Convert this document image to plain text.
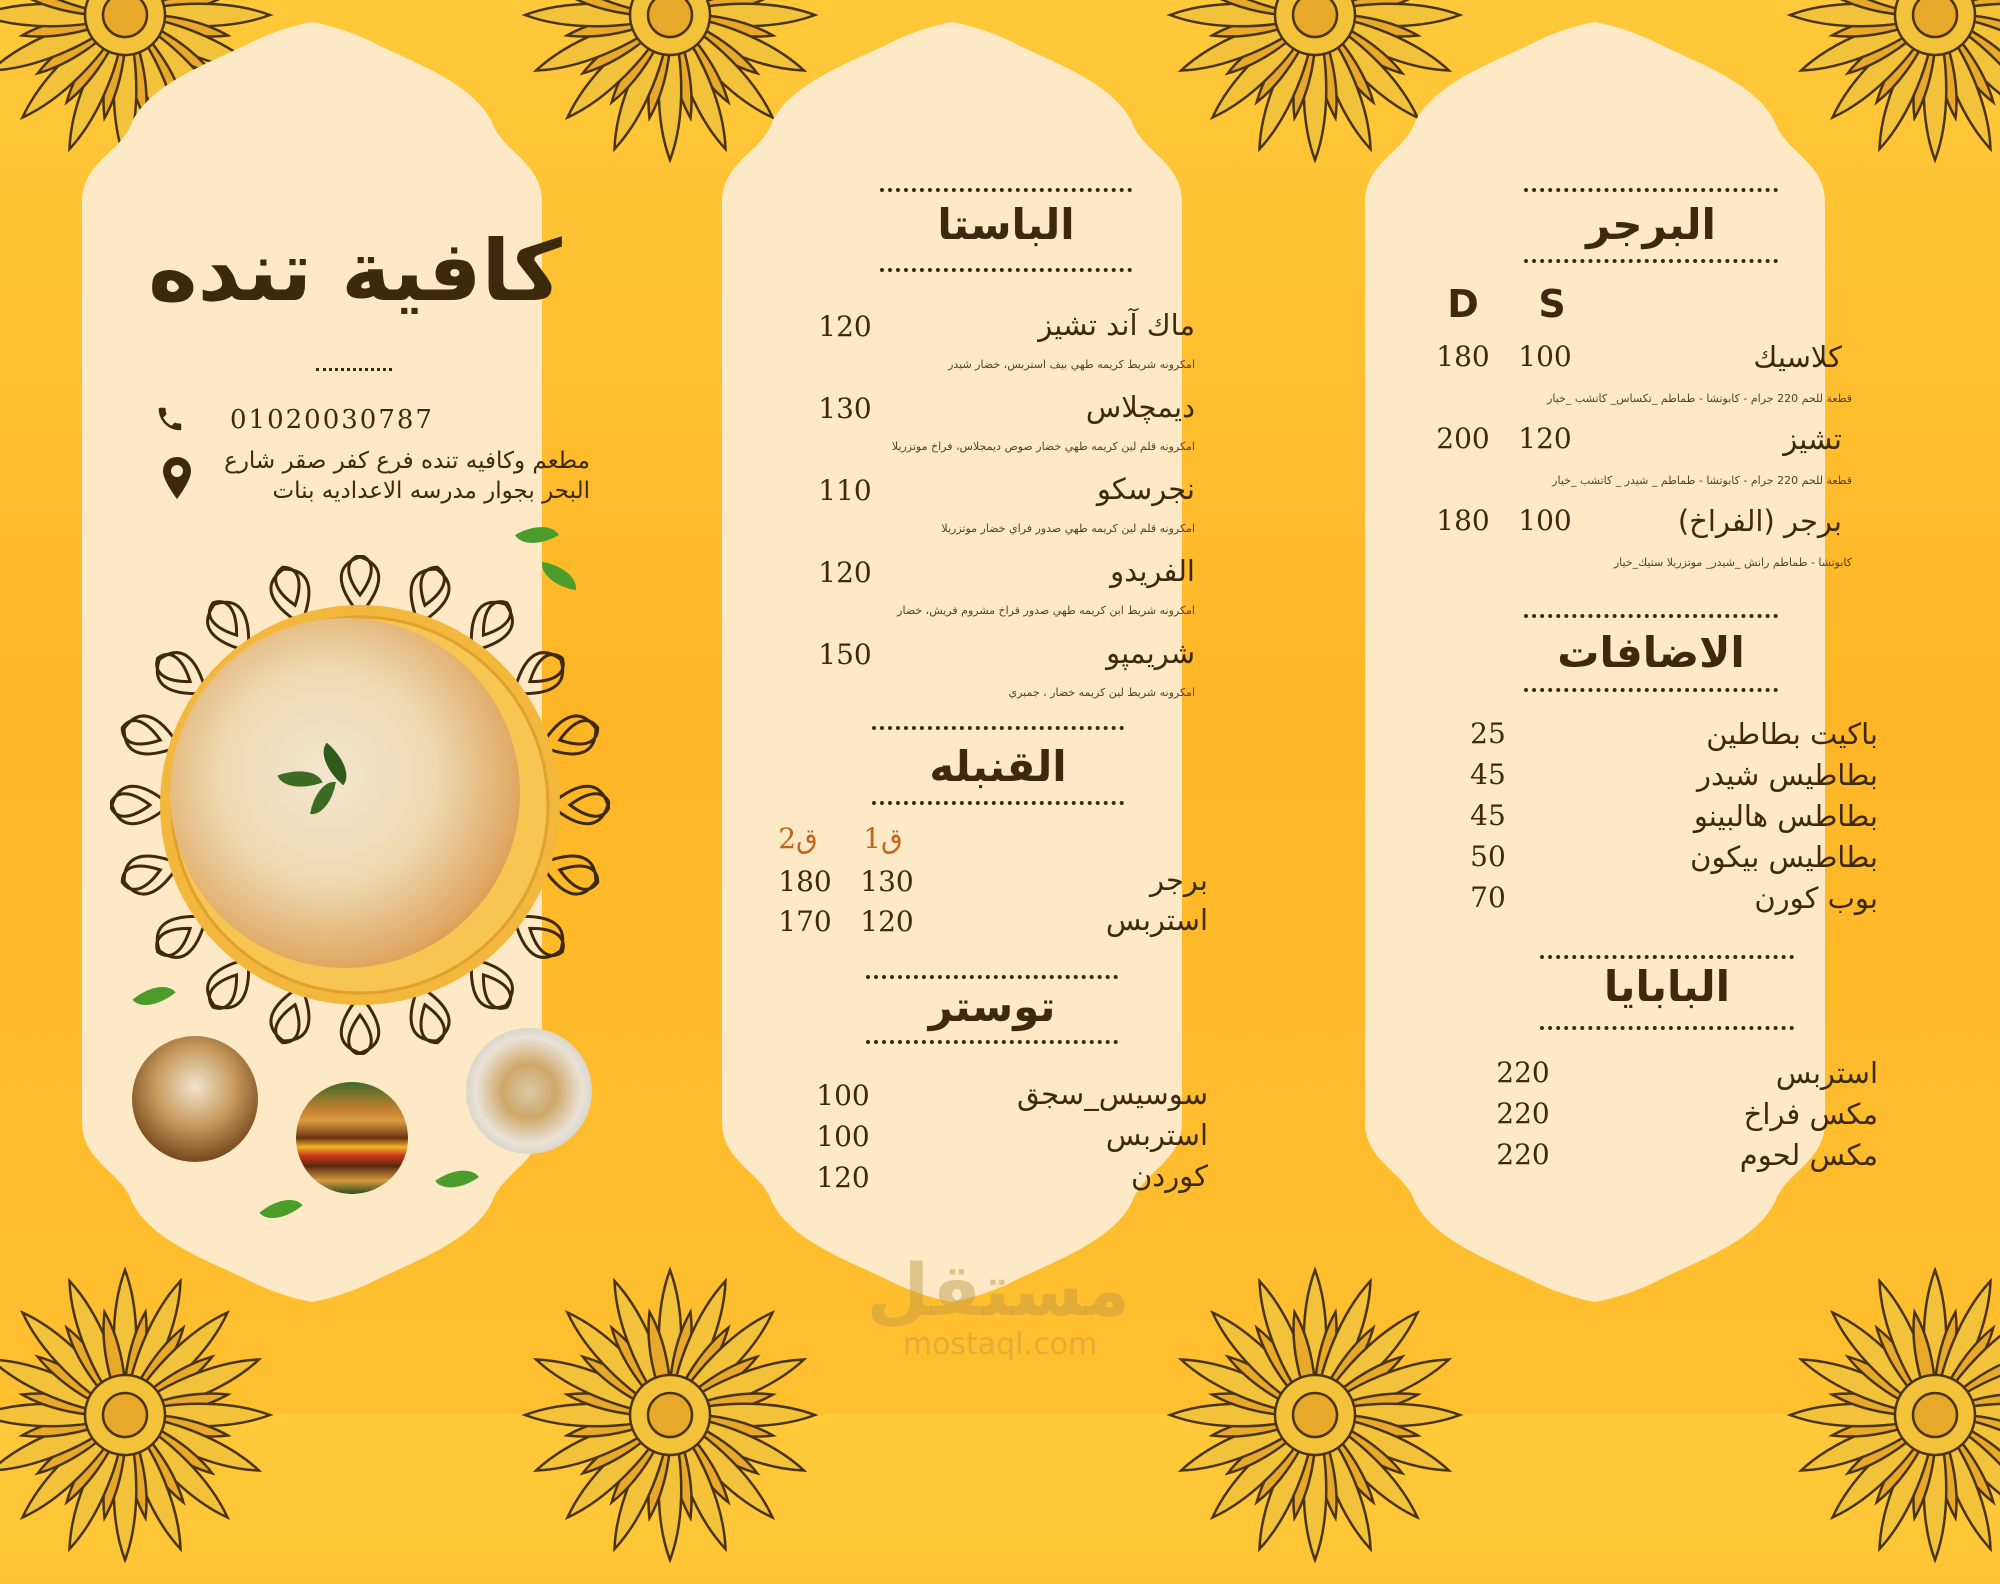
كافية تنده
01020030787
مطعم وكافيه تنده فرع كفر صقر شارع البحر بجوار مدرسه الاعداديه بنات
الباستا
القنبله
ق1
ق2
توستر
البرجر
S
D
الاضافات
البابايا
مستقل
mostaql.com
ماك آند تشيز
120
امكرونه شريط كريمه طهي بيف استربس، خضار شيدر
ديمچلاس
130
امكرونه قلم لين كريمه طهي خضار صوص ديمجلاس، فراخ موتزريلا
نجرسكو
110
امكرونه قلم لين كريمه طهي صدور فراي خضار موتزريلا
الفريدو
120
امكرونه شريط ابن كريمه طهي صدور فراخ مشروم فريش، خضار
شريمپو
150
امكرونه شريط لين كريمه خضار ، جمبري
برجر
130
180
استربس
120
170
سوسيس_سجق
100
استربس
100
كوردن
120
كلاسيك
100
180
قطعة للحم 220 جرام - كابوتشا - طماطم _تكساس_ كاتشب _خيار
تشيز
120
200
قطعة للحم 220 جرام - كابوتشا - طماطم _ شيدر _ كاتشب _خيار
برجر (الفراخ)
100
180
كابوتشا - طماطم رانش _شيدر_ موتزريلا ستيك_خيار
باكيت بطاطين
25
بطاطيس شيدر
45
بطاطس هالبينو
45
بطاطيس بيكون
50
بوب كورن
70
استربس
220
مكس فراخ
220
مكس لحوم
220
